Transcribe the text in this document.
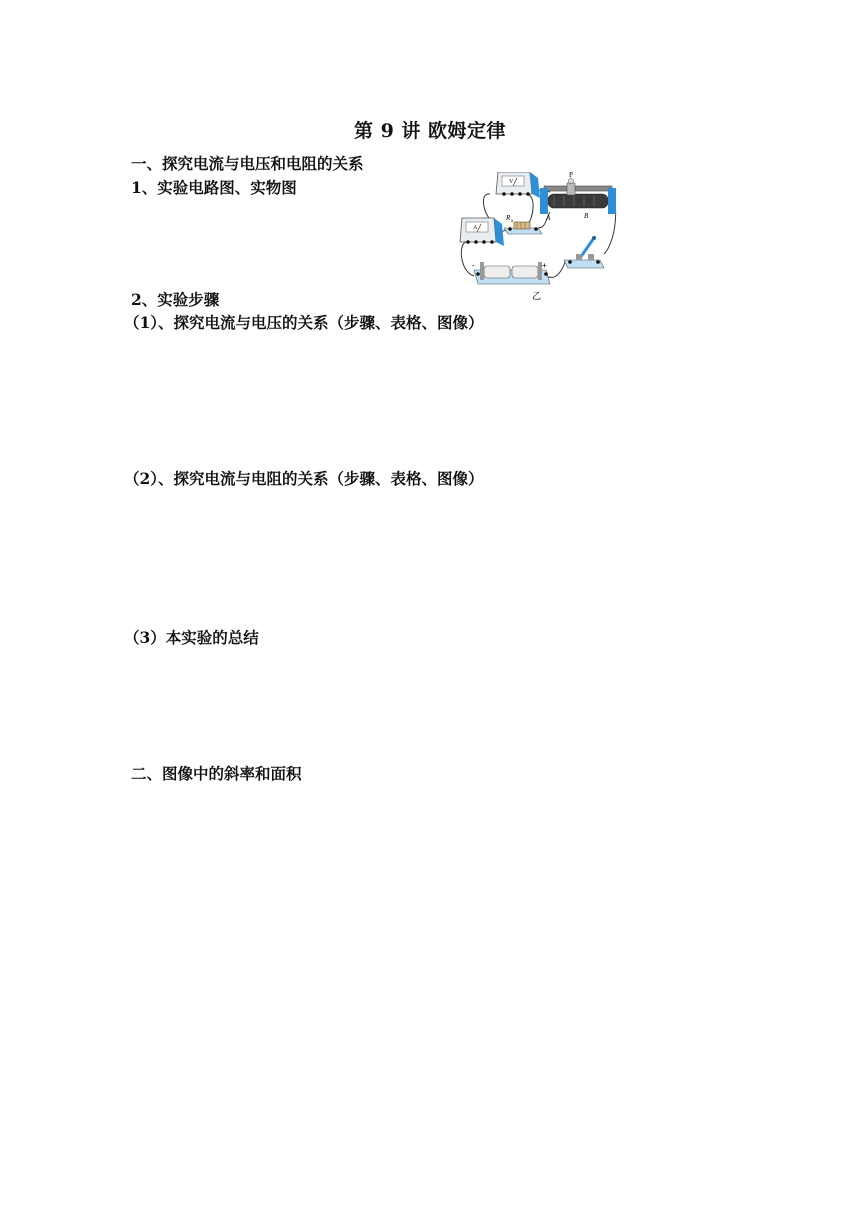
第 9 讲 欧姆定律
一、探究电流与电压和电阻的关系
1、实验电路图、实物图	V
A
R x
P
A	B
-	+
乙
2、实验步骤
（1）、探究电流与电压的关系（步骤、表格、图像）
（2）、探究电流与电阻的关系（步骤、表格、图像）
（3）本实验的总结
二、图像中的斜率和面积
